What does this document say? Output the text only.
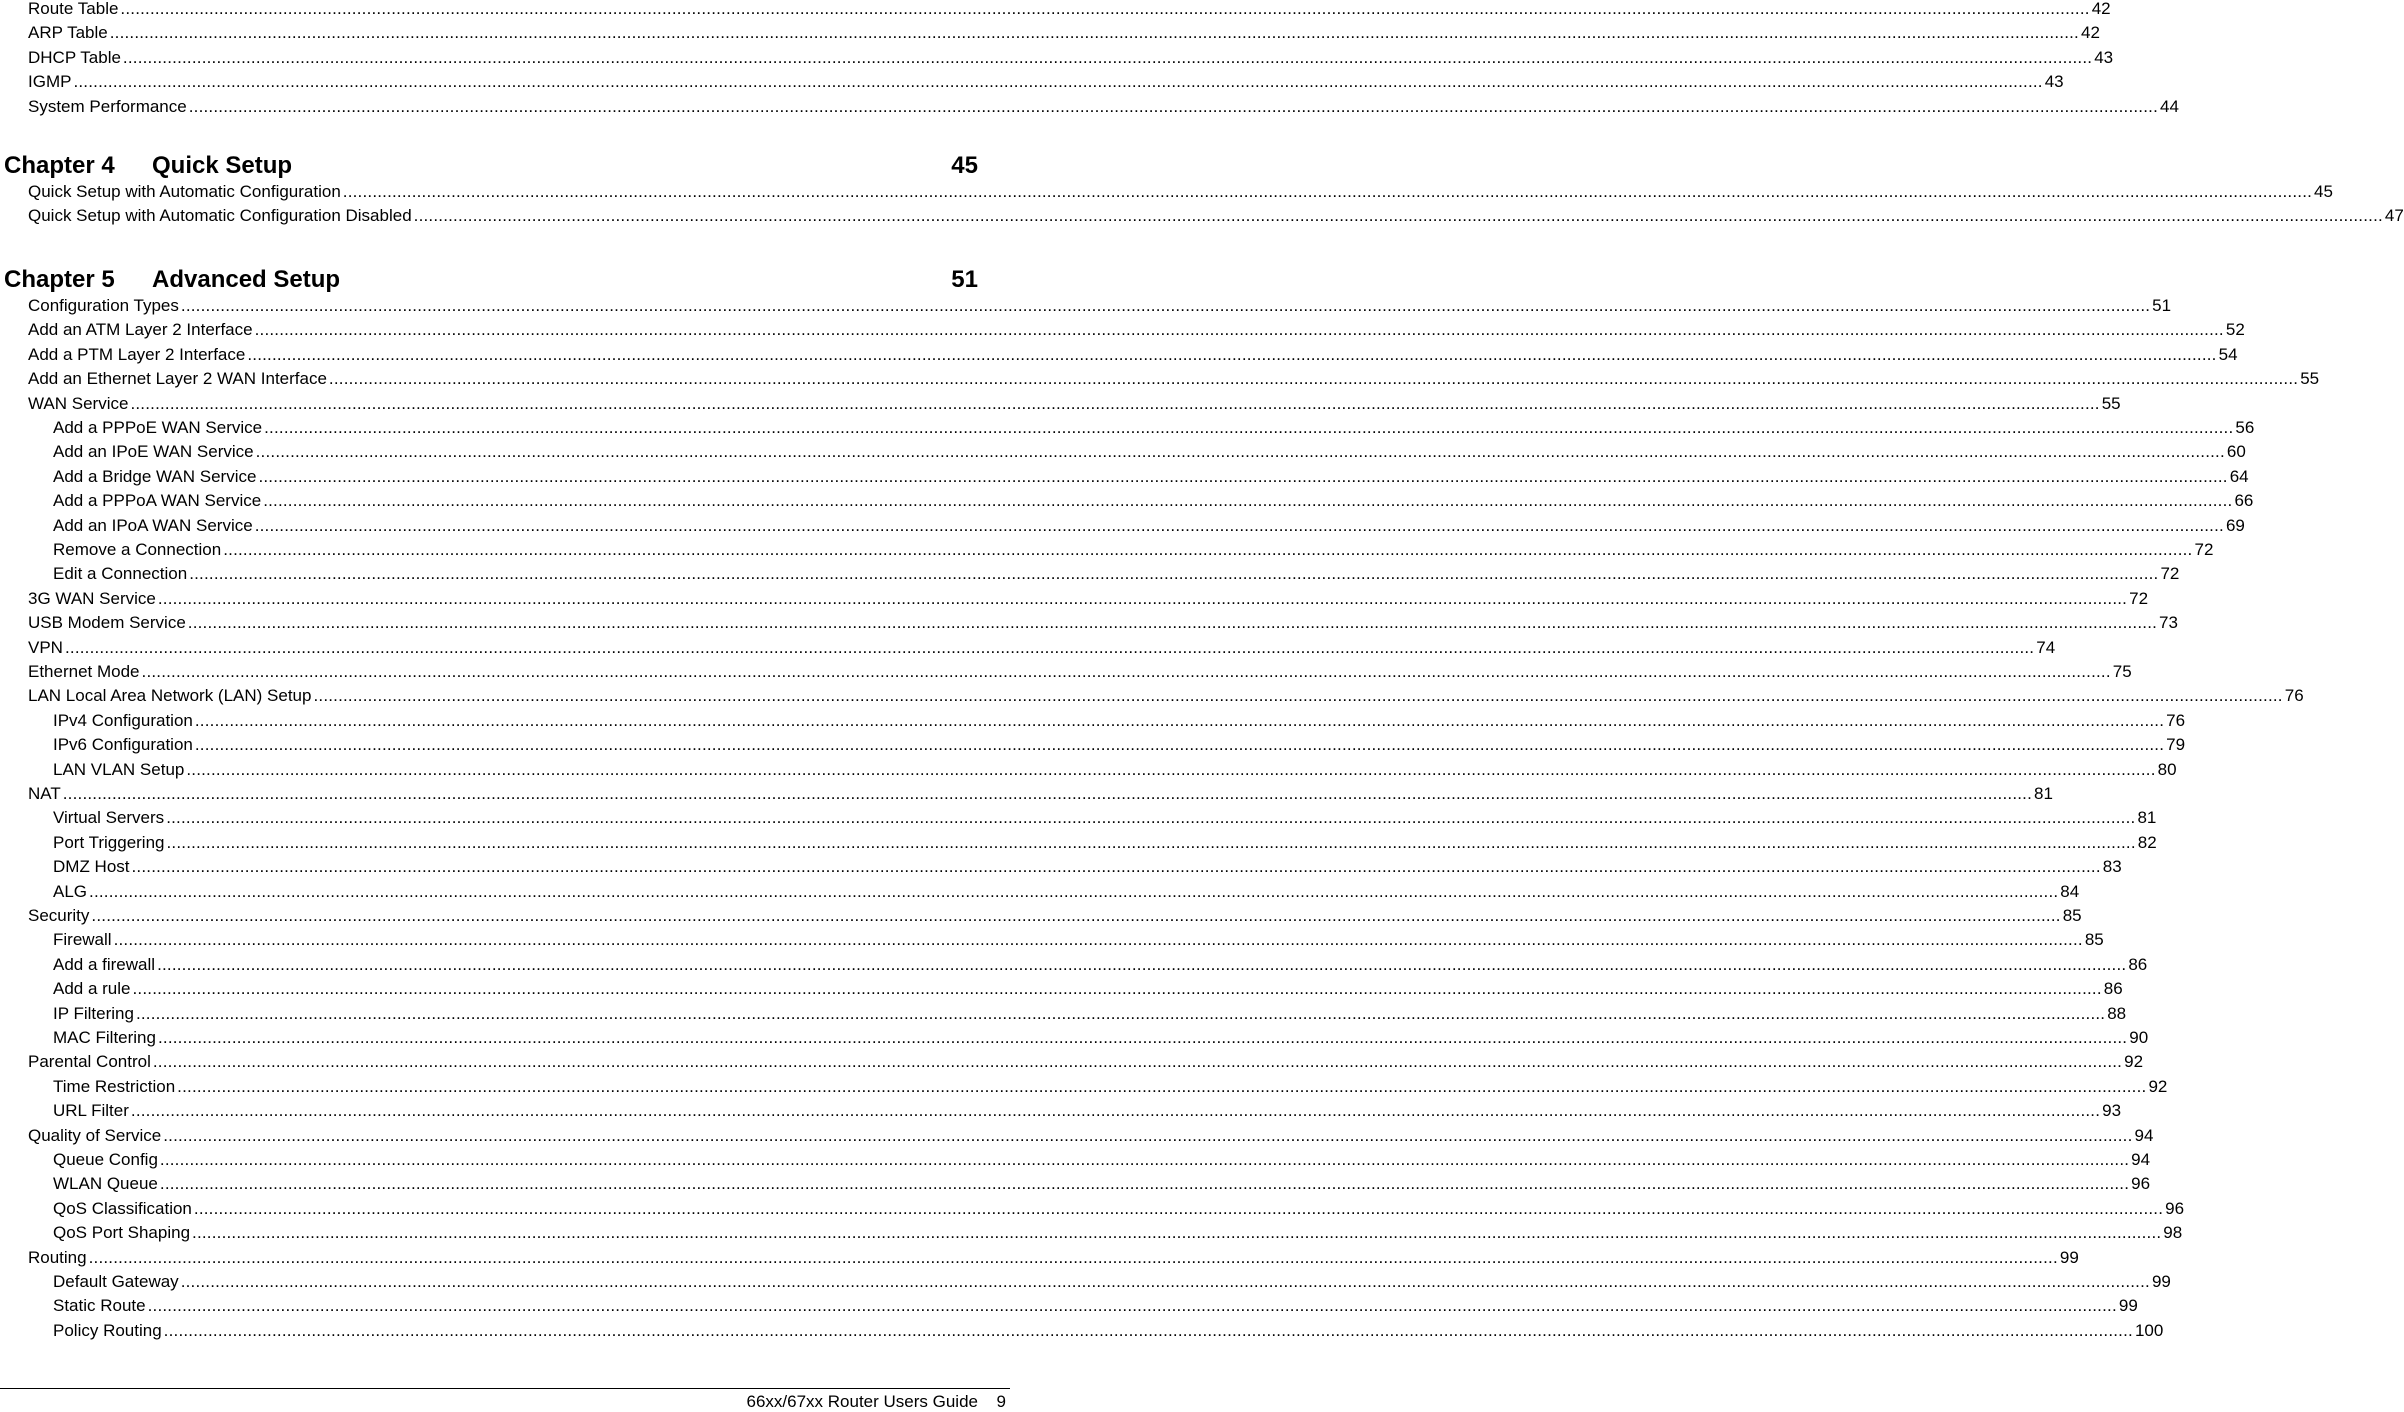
Route Table ................................................................................................................................................................................................................................................................................................................................................................................................................ 42
ARP Table ................................................................................................................................................................................................................................................................................................................................................................................................................ 42
DHCP Table ................................................................................................................................................................................................................................................................................................................................................................................................................ 43
IGMP ................................................................................................................................................................................................................................................................................................................................................................................................................ 43
System Performance ................................................................................................................................................................................................................................................................................................................................................................................................................ 44
Chapter 4	Quick Setup	45
Quick Setup with Automatic Configuration ................................................................................................................................................................................................................................................................................................................................................................................................................ 45
Quick Setup with Automatic Configuration Disabled ................................................................................................................................................................................................................................................................................................................................................................................................................ 47
Chapter 5	Advanced Setup	51
Configuration Types ................................................................................................................................................................................................................................................................................................................................................................................................................ 51
Add an ATM Layer 2 Interface ................................................................................................................................................................................................................................................................................................................................................................................................................ 52
Add a PTM Layer 2 Interface ................................................................................................................................................................................................................................................................................................................................................................................................................ 54
Add an Ethernet Layer 2 WAN Interface ................................................................................................................................................................................................................................................................................................................................................................................................................ 55
WAN Service ................................................................................................................................................................................................................................................................................................................................................................................................................ 55
Add a PPPoE WAN Service ................................................................................................................................................................................................................................................................................................................................................................................................................ 56
Add an IPoE WAN Service ................................................................................................................................................................................................................................................................................................................................................................................................................ 60
Add a Bridge WAN Service ................................................................................................................................................................................................................................................................................................................................................................................................................ 64
Add a PPPoA WAN Service ................................................................................................................................................................................................................................................................................................................................................................................................................ 66
Add an IPoA WAN Service ................................................................................................................................................................................................................................................................................................................................................................................................................ 69
Remove a Connection ................................................................................................................................................................................................................................................................................................................................................................................................................ 72
Edit a Connection ................................................................................................................................................................................................................................................................................................................................................................................................................ 72
3G WAN Service ................................................................................................................................................................................................................................................................................................................................................................................................................ 72
USB Modem Service ................................................................................................................................................................................................................................................................................................................................................................................................................ 73
VPN ................................................................................................................................................................................................................................................................................................................................................................................................................ 74
Ethernet Mode ................................................................................................................................................................................................................................................................................................................................................................................................................ 75
LAN Local Area Network (LAN) Setup ................................................................................................................................................................................................................................................................................................................................................................................................................ 76
IPv4 Configuration ................................................................................................................................................................................................................................................................................................................................................................................................................ 76
IPv6 Configuration ................................................................................................................................................................................................................................................................................................................................................................................................................ 79
LAN VLAN Setup ................................................................................................................................................................................................................................................................................................................................................................................................................ 80
NAT ................................................................................................................................................................................................................................................................................................................................................................................................................ 81
Virtual Servers ................................................................................................................................................................................................................................................................................................................................................................................................................ 81
Port Triggering ................................................................................................................................................................................................................................................................................................................................................................................................................ 82
DMZ Host ................................................................................................................................................................................................................................................................................................................................................................................................................ 83
ALG ................................................................................................................................................................................................................................................................................................................................................................................................................ 84
Security ................................................................................................................................................................................................................................................................................................................................................................................................................ 85
Firewall ................................................................................................................................................................................................................................................................................................................................................................................................................ 85
Add a firewall ................................................................................................................................................................................................................................................................................................................................................................................................................ 86
Add a rule ................................................................................................................................................................................................................................................................................................................................................................................................................ 86
IP Filtering ................................................................................................................................................................................................................................................................................................................................................................................................................ 88
MAC Filtering ................................................................................................................................................................................................................................................................................................................................................................................................................ 90
Parental Control ................................................................................................................................................................................................................................................................................................................................................................................................................ 92
Time Restriction ................................................................................................................................................................................................................................................................................................................................................................................................................ 92
URL Filter ................................................................................................................................................................................................................................................................................................................................................................................................................ 93
Quality of Service ................................................................................................................................................................................................................................................................................................................................................................................................................ 94
Queue Config ................................................................................................................................................................................................................................................................................................................................................................................................................ 94
WLAN Queue ................................................................................................................................................................................................................................................................................................................................................................................................................ 96
QoS Classification ................................................................................................................................................................................................................................................................................................................................................................................................................ 96
QoS Port Shaping ................................................................................................................................................................................................................................................................................................................................................................................................................ 98
Routing ................................................................................................................................................................................................................................................................................................................................................................................................................ 99
Default Gateway ................................................................................................................................................................................................................................................................................................................................................................................................................ 99
Static Route ................................................................................................................................................................................................................................................................................................................................................................................................................ 99
Policy Routing ................................................................................................................................................................................................................................................................................................................................................................................................................ 100
66xx/67xx Router Users Guide 9
